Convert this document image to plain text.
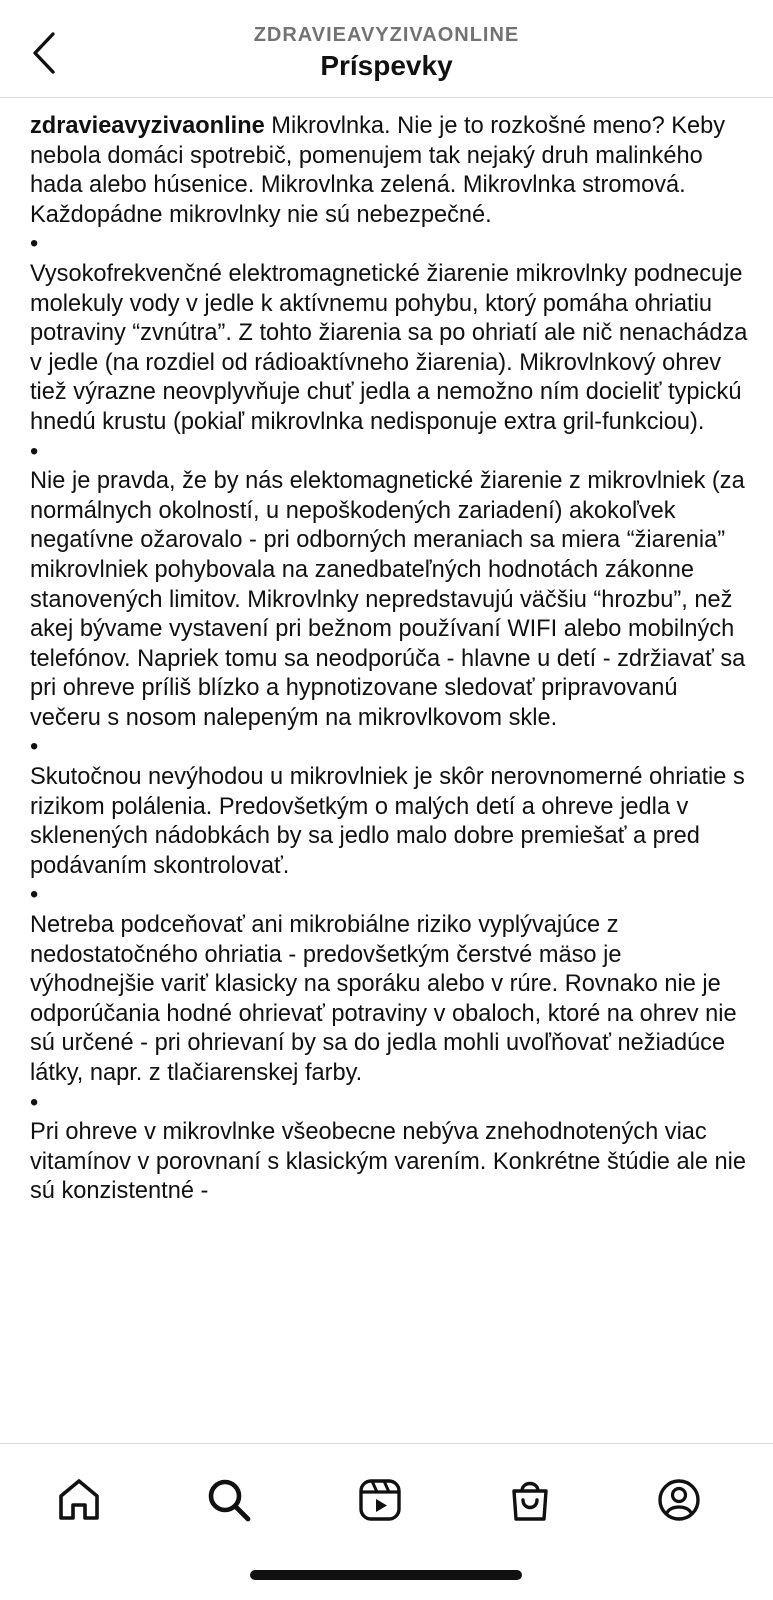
ZDRAVIEAVYZIVAONLINE
Príspevky

zdravieavyzivaonline Mikrovlnka. Nie je to rozkošné meno? Keby nebola domáci spotrebič, pomenujem tak nejaký druh malinkého hada alebo húsenice. Mikrovlnka zelená. Mikrovlnka stromová.

Každopádne mikrovlnky nie sú nebezpečné.

•

Vysokofrekvenčné elektromagnetické žiarenie mikrovlnky podnecuje molekuly vody v jedle k aktívnemu pohybu, ktorý pomáha ohriatiu potraviny “zvnútra”. Z tohto žiarenia sa po ohriatí ale nič nenachádza v jedle (na rozdiel od rádioaktívneho žiarenia). Mikrovlnkový ohrev tiež výrazne neovplyvňuje chuť jedla a nemožno ním docieliť typickú hnedú krustu (pokiaľ mikrovlnka nedisponuje extra gril-funkciou).

•

Nie je pravda, že by nás elektomagnetické žiarenie z mikrovlniek (za normálnych okolností, u nepoškodených zariadení) akokoľvek negatívne ožarovalo - pri odborných meraniach sa miera “žiarenia” mikrovlniek pohybovala na zanedbateľných hodnotách zákonne stanovených limitov. Mikrovlnky nepredstavujú väčšiu “hrozbu”, než akej bývame vystavení pri bežnom používaní WIFI alebo mobilných telefónov. Napriek tomu sa neodporúča - hlavne u detí - zdržiavať sa pri ohreve príliš blízko a hypnotizovane sledovať pripravovanú večeru s nosom nalepeným na mikrovlkovom skle.

•

Skutočnou nevýhodou u mikrovlniek je skôr nerovnomerné ohriatie s rizikom polálenia. Predovšetkým o malých detí a ohreve jedla v sklenených nádobkách by sa jedlo malo dobre premiešať a pred podávaním skontrolovať.

•

Netreba podceňovať ani mikrobiálne riziko vyplývajúce z nedostatočného ohriatia - predovšetkým čerstvé mäso je výhodnejšie variť klasicky na sporáku alebo v rúre. Rovnako nie je odporúčania hodné ohrievať potraviny v obaloch, ktoré na ohrev nie sú určené - pri ohrievaní by sa do jedla mohli uvoľňovať nežiadúce látky, napr. z tlačiarenskej farby.

•

Pri ohreve v mikrovlnke všeobecne nebýva znehodnotených viac vitamínov v porovnaní s klasickým varením. Konkrétne štúdie ale nie sú konzistentné -
